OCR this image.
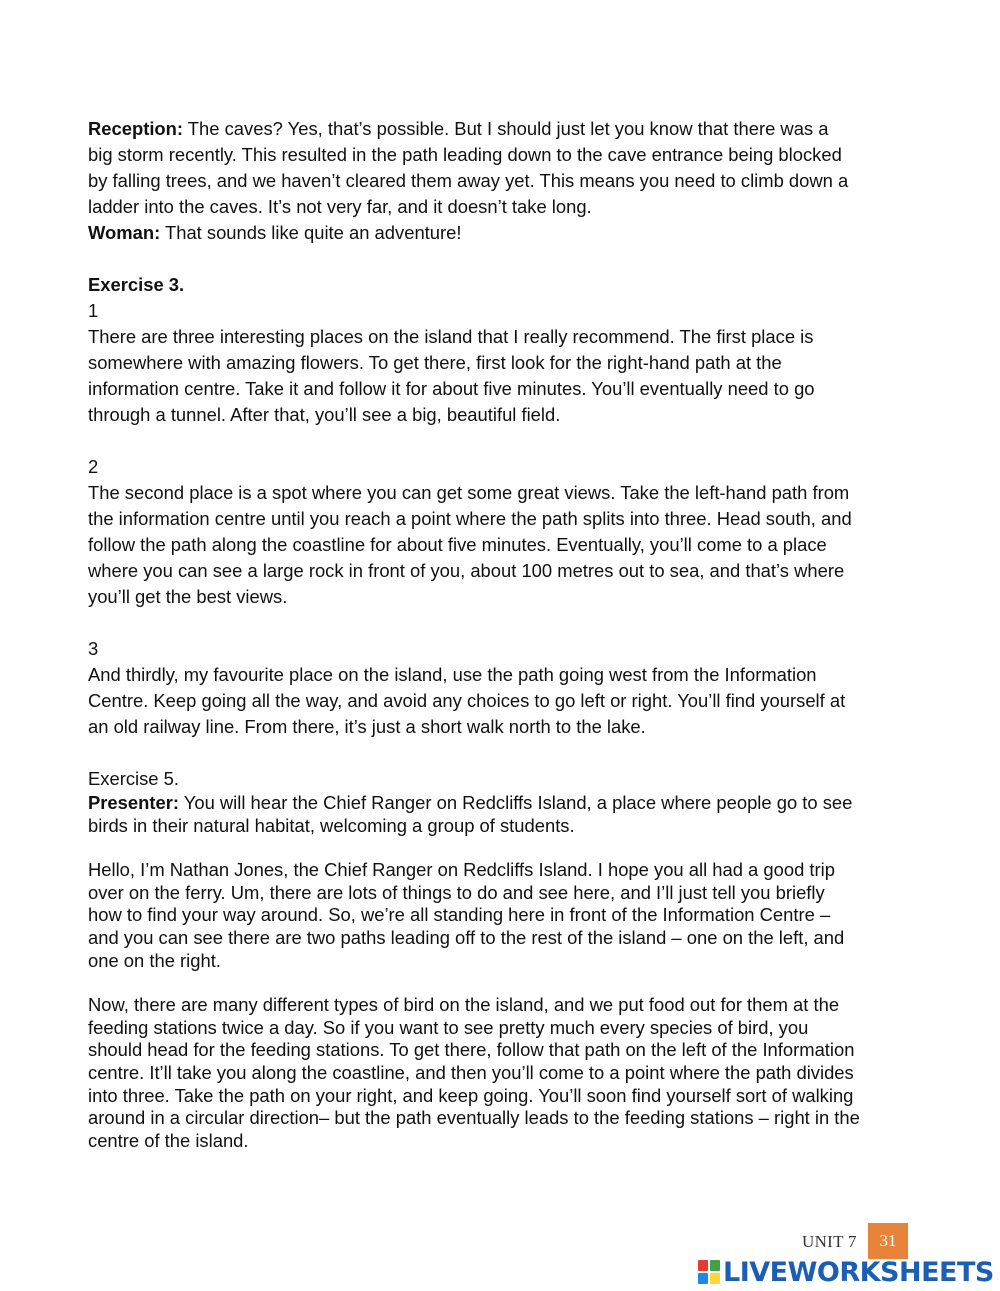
Reception: The caves? Yes, that’s possible. But I should just let you know that there was a
big storm recently. This resulted in the path leading down to the cave entrance being blocked
by falling trees, and we haven’t cleared them away yet. This means you need to climb down a
ladder into the caves. It’s not very far, and it doesn’t take long.
Woman: That sounds like quite an adventure!

Exercise 3.
1
There are three interesting places on the island that I really recommend. The first place is
somewhere with amazing flowers. To get there, first look for the right-hand path at the
information centre. Take it and follow it for about five minutes. You’ll eventually need to go
through a tunnel. After that, you’ll see a big, beautiful field.

2
The second place is a spot where you can get some great views. Take the left-hand path from
the information centre until you reach a point where the path splits into three. Head south, and
follow the path along the coastline for about five minutes. Eventually, you’ll come to a place
where you can see a large rock in front of you, about 100 metres out to sea, and that’s where
you’ll get the best views.

3
And thirdly, my favourite place on the island, use the path going west from the Information
Centre. Keep going all the way, and avoid any choices to go left or right. You’ll find yourself at
an old railway line. From there, it’s just a short walk north to the lake.

Exercise 5.

Presenter: You will hear the Chief Ranger on Redcliffs Island, a place where people go to see
birds in their natural habitat, welcoming a group of students.

Hello, I’m Nathan Jones, the Chief Ranger on Redcliffs Island. I hope you all had a good trip
over on the ferry. Um, there are lots of things to do and see here, and I’ll just tell you briefly
how to find your way around. So, we’re all standing here in front of the Information Centre –
and you can see there are two paths leading off to the rest of the island – one on the left, and
one on the right.

Now, there are many different types of bird on the island, and we put food out for them at the
feeding stations twice a day. So if you want to see pretty much every species of bird, you
should head for the feeding stations. To get there, follow that path on the left of the Information
centre. It’ll take you along the coastline, and then you’ll come to a point where the path divides
into three. Take the path on your right, and keep going. You’ll soon find yourself sort of walking
around in a circular direction– but the path eventually leads to the feeding stations – right in the
centre of the island.

UNIT 7	31
LIVEWORKSHEETS
